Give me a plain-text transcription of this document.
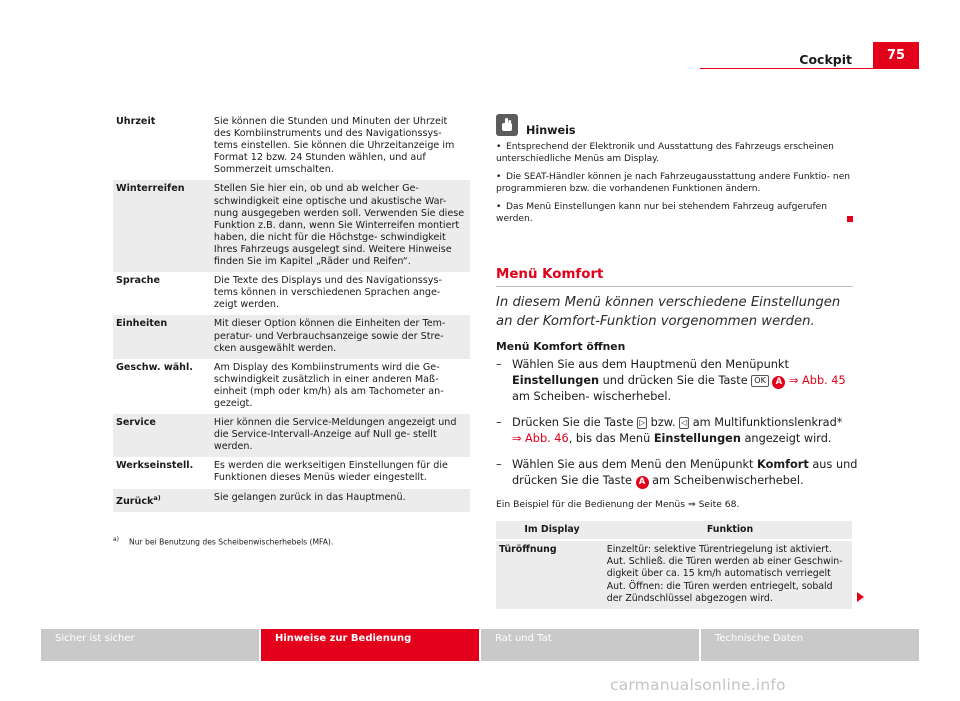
Cockpit	75
Uhrzeit	Sie können die Stunden und Minuten der Uhrzeit des Kombiinstruments und des Navigationssys- tems einstellen. Sie können die Uhrzeitanzeige im Format 12 bzw. 24 Stunden wählen, und auf Sommerzeit umschalten.
Winterreifen	Stellen Sie hier ein, ob und ab welcher Ge- schwindigkeit eine optische und akustische War- nung ausgegeben werden soll. Verwenden Sie diese Funktion z.B. dann, wenn Sie Winterreifen montiert haben, die nicht für die Höchstge- schwindigkeit Ihres Fahrzeugs ausgelegt sind. Weitere Hinweise finden Sie im Kapitel „Räder und Reifen“.
Sprache	Die Texte des Displays und des Navigationssys- tems können in verschiedenen Sprachen ange- zeigt werden.
Einheiten	Mit dieser Option können die Einheiten der Tem- peratur- und Verbrauchsanzeige sowie der Stre- cken ausgewählt werden.
Geschw. wähl.	Am Display des Kombiinstruments wird die Ge- schwindigkeit zusätzlich in einer anderen Maß- einheit (mph oder km/h) als am Tachometer an- gezeigt.
Service	Hier können die Service-Meldungen angezeigt und die Service-Intervall-Anzeige auf Null ge- stellt werden.
Werkseinstell.	Es werden die werkseitigen Einstellungen für die Funktionen dieses Menüs wieder eingestellt.
Zurück$^{a)}$	Sie gelangen zurück in das Hauptmenü.
$^{a)}$ Nur bei Benutzung des Scheibenwischerhebels (MFA).
Hinweis
• Entsprechend der Elektronik und Ausstattung des Fahrzeugs erscheinen unterschiedliche Menüs am Display.
• Die SEAT-Händler können je nach Fahrzeugausstattung andere Funktio- nen programmieren bzw. die vorhandenen Funktionen ändern.
• Das Menü Einstellungen kann nur bei stehendem Fahrzeug aufgerufen werden.
Menü Komfort
In diesem Menü können verschiedene Einstellungen an der Komfort-Funktion vorgenommen werden.
Menü Komfort öffnen
– Wählen Sie aus dem Hauptmenü den Menüpunkt Einstellungen und drücken Sie die Taste OK A ⇒ Abb. 45 am Scheiben- wischerhebel.
– Drücken Sie die Taste ▷ bzw. ◁ am Multifunktionslenkrad*
⇒ Abb. 46, bis das Menü Einstellungen angezeigt wird.
– Wählen Sie aus dem Menü den Menüpunkt Komfort aus und drücken Sie die Taste A am Scheibenwischerhebel.
Ein Beispiel für die Bedienung der Menüs ⇒ Seite 68.
Im Display	Funktion
Türöffnung	Einzeltür: selektive Türentriegelung ist aktiviert. Aut. Schließ. die Türen werden ab einer Geschwin- digkeit über ca. 15 km/h automatisch verriegelt Aut. Öffnen: die Türen werden entriegelt, sobald der Zündschlüssel abgezogen wird.
Sicher ist sicher	Hinweise zur Bedienung	Rat und Tat	Technische Daten
carmanualsonline.info
